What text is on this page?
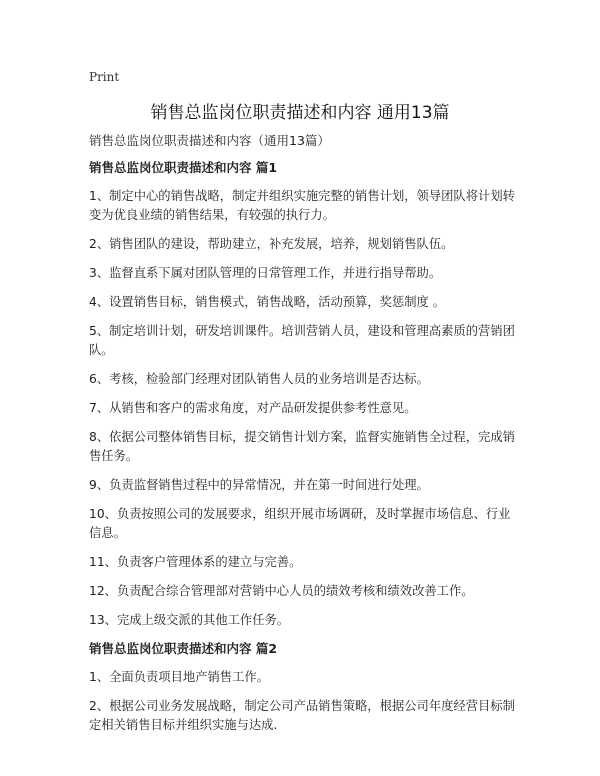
Print
销售总监岗位职责描述和内容 通用13篇
销售总监岗位职责描述和内容（通用13篇）
销售总监岗位职责描述和内容 篇1
1、制定中心的销售战略，制定并组织实施完整的销售计划，领导团队将计划转变为优良业绩的销售结果，有较强的执行力。
2、销售团队的建设，帮助建立，补充发展，培养，规划销售队伍。
3、监督直系下属对团队管理的日常管理工作，并进行指导帮助。
4、设置销售目标，销售模式，销售战略，活动预算，奖惩制度 。
5、制定培训计划，研发培训课件。培训营销人员，建设和管理高素质的营销团队。
6、考核，检验部门经理对团队销售人员的业务培训是否达标。
7、从销售和客户的需求角度，对产品研发提供参考性意见。
8、依据公司整体销售目标，提交销售计划方案，监督实施销售全过程，完成销售任务。
9、负责监督销售过程中的异常情况，并在第一时间进行处理。
10、负责按照公司的发展要求，组织开展市场调研，及时掌握市场信息、行业信息。
11、负责客户管理体系的建立与完善。
12、负责配合综合管理部对营销中心人员的绩效考核和绩效改善工作。
13、完成上级交派的其他工作任务。
销售总监岗位职责描述和内容 篇2
1、全面负责项目地产销售工作。
2、根据公司业务发展战略，制定公司产品销售策略，根据公司年度经营目标制定相关销售目标并组织实施与达成.
